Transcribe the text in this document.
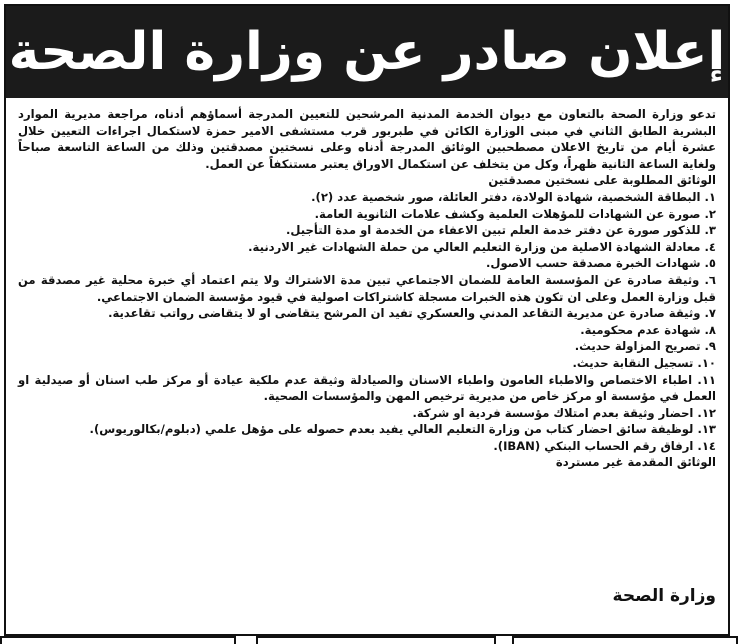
إعلان صادر عن وزارة الصحة

تدعو وزارة الصحة بالتعاون مع ديوان الخدمة المدنية المرشحين للتعيين المدرجة أسماؤهم أدناه، مراجعة مديرية الموارد البشرية الطابق الثاني في مبنى الوزارة الكائن في طبربور قرب مستشفى الامير حمزة لاستكمال اجراءات التعيين خلال عشرة أيام من تاريخ الاعلان مصطحبين الوثائق المدرجة أدناه وعلى نسختين مصدقتين وذلك من الساعة التاسعة صباحاً ولغاية الساعة الثانية ظهراً، وكل من يتخلف عن استكمال الاوراق يعتبر مستنكفاً عن العمل.

الوثائق المطلوبة على نسختين مصدقتين

١. البطاقة الشخصية، شهادة الولادة، دفتر العائلة، صور شخصية عدد (٢).
٢. صورة عن الشهادات للمؤهلات العلمية وكشف علامات الثانوية العامة.
٣. للذكور صورة عن دفتر خدمة العلم تبين الاعفاء من الخدمة او مدة التأجيل.
٤. معادلة الشهادة الاصلية من وزارة التعليم العالي من حملة الشهادات غير الاردنية.
٥. شهادات الخبرة مصدقة حسب الاصول.
٦. وثيقة صادرة عن المؤسسة العامة للضمان الاجتماعي تبين مدة الاشتراك ولا يتم اعتماد أي خبرة محلية غير مصدقة من قبل وزارة العمل وعلى ان تكون هذه الخبرات مسجلة كاشتراكات اصولية في قيود مؤسسة الضمان الاجتماعي.
٧. وثيقة صادرة عن مديرية التقاعد المدني والعسكري تفيد ان المرشح يتقاضى او لا يتقاضى رواتب تقاعدية.
٨. شهادة عدم محكومية.
٩. تصريح المزاولة حديث.
١٠. تسجيل النقابة حديث.
١١. اطباء الاختصاص والاطباء العامون واطباء الاسنان والصيادلة وثيقة عدم ملكية عيادة أو مركز طب اسنان أو صيدلية او العمل في مؤسسة او مركز خاص من مديرية ترخيص المهن والمؤسسات الصحية.
١٢. احضار وثيقة بعدم امتلاك مؤسسة فردية او شركة.
١٣. لوظيفة سائق احضار كتاب من وزارة التعليم العالي يفيد بعدم حصوله على مؤهل علمي (دبلوم/بكالوريوس).
١٤. ارفاق رقم الحساب البنكي (IBAN).

الوثائق المقدمة غير مستردة

وزارة الصحة
